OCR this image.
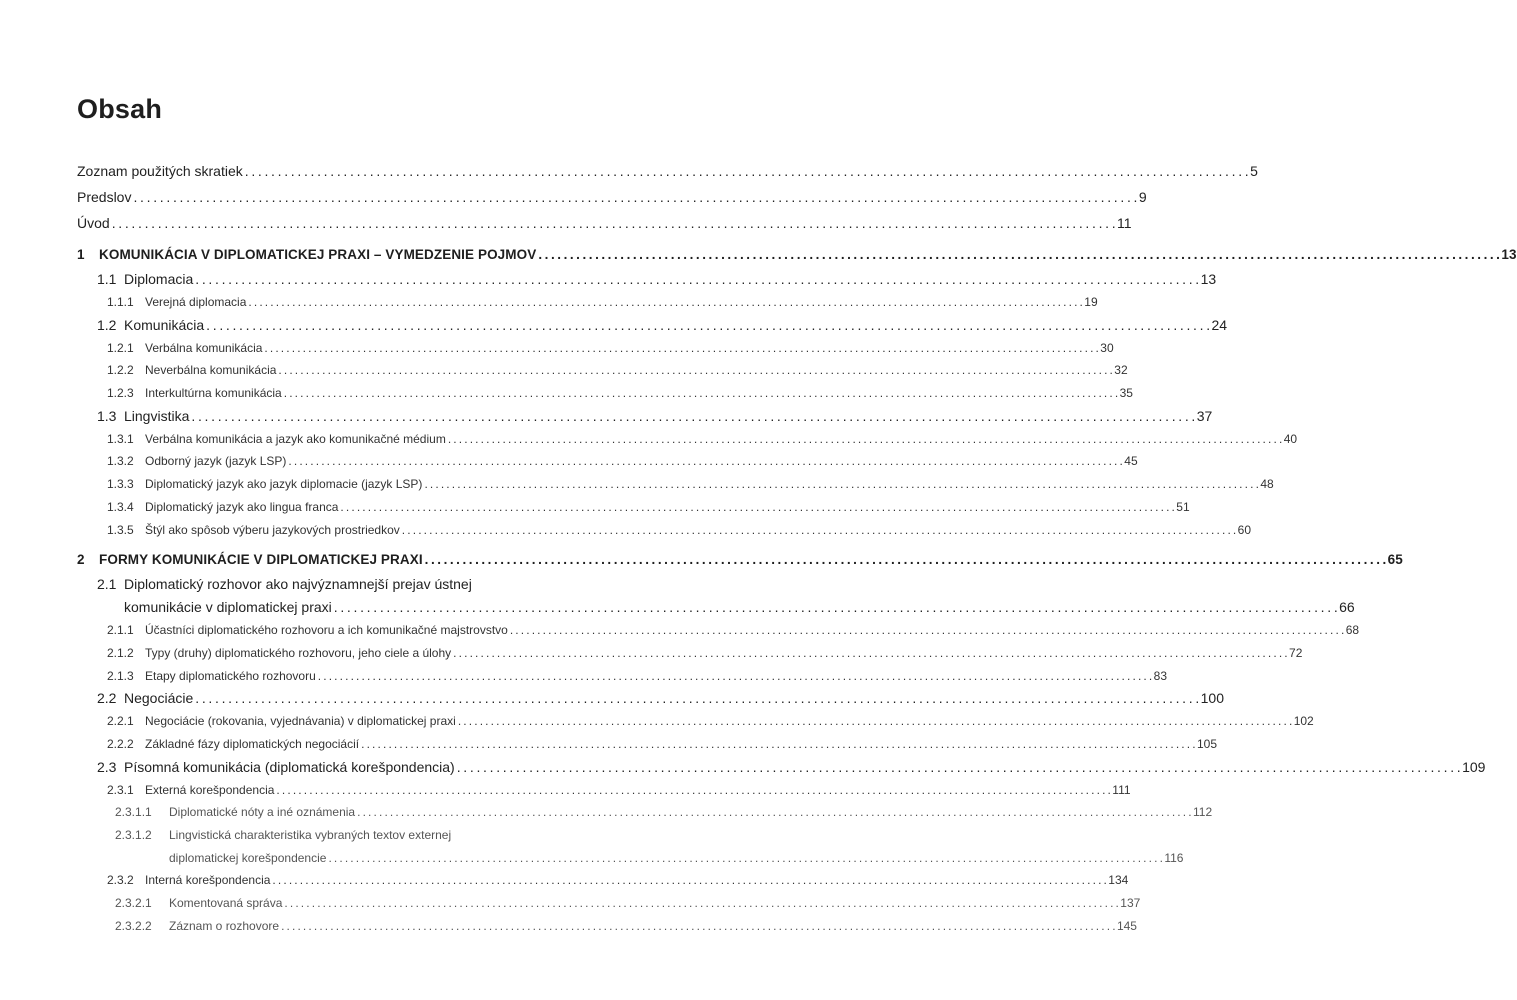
Obsah
Zoznam použitých skratiek . . .	5
Predslov . . .	9
Úvod . . .	11
1	KOMUNIKÁCIA V DIPLOMATICKEJ PRAXI – VYMEDZENIE POJMOV . . .	13
1.1 Diplomacia . . .	13
1.1.1 Verejná diplomacia . . .	19
1.2 Komunikácia . . .	24
1.2.1 Verbálna komunikácia . . .	30
1.2.2 Neverbálna komunikácia . . .	32
1.2.3 Interkultúrna komunikácia . . .	35
1.3 Lingvistika . . .	37
1.3.1 Verbálna komunikácia a jazyk ako komunikačné médium . . .	40
1.3.2 Odborný jazyk (jazyk LSP) . . .	45
1.3.3 Diplomatický jazyk ako jazyk diplomacie (jazyk LSP) . . .	48
1.3.4 Diplomatický jazyk ako lingua franca . . .	51
1.3.5 Štýl ako spôsob výberu jazykových prostriedkov . . .	60
2	FORMY KOMUNIKÁCIE V DIPLOMATICKEJ PRAXI . . .	65
2.1 Diplomatický rozhovor ako najvýznamnejší prejav ústnej
komunikácie v diplomatickej praxi . . .	66
2.1.1 Účastníci diplomatického rozhovoru a ich komunikačné majstrovstvo . . .	68
2.1.2 Typy (druhy) diplomatického rozhovoru, jeho ciele a úlohy . . .	72
2.1.3 Etapy diplomatického rozhovoru . . .	83
2.2 Negociácie . . .	100
2.2.1 Negociácie (rokovania, vyjednávania) v diplomatickej praxi . . .	102
2.2.2 Základné fázy diplomatických negociácií . . .	105
2.3 Písomná komunikácia (diplomatická korešpondencia) . . .	109
2.3.1 Externá korešpondencia . . .	111
2.3.1.1	Diplomatické nóty a iné oznámenia . . .	112
2.3.1.2 Lingvistická charakteristika vybraných textov externej
diplomatickej korešpondencie . . .	116
2.3.2 Interná korešpondencia . . .	134
2.3.2.1	Komentovaná správa . . .	137
2.3.2.2	Záznam o rozhovore . . .	145
